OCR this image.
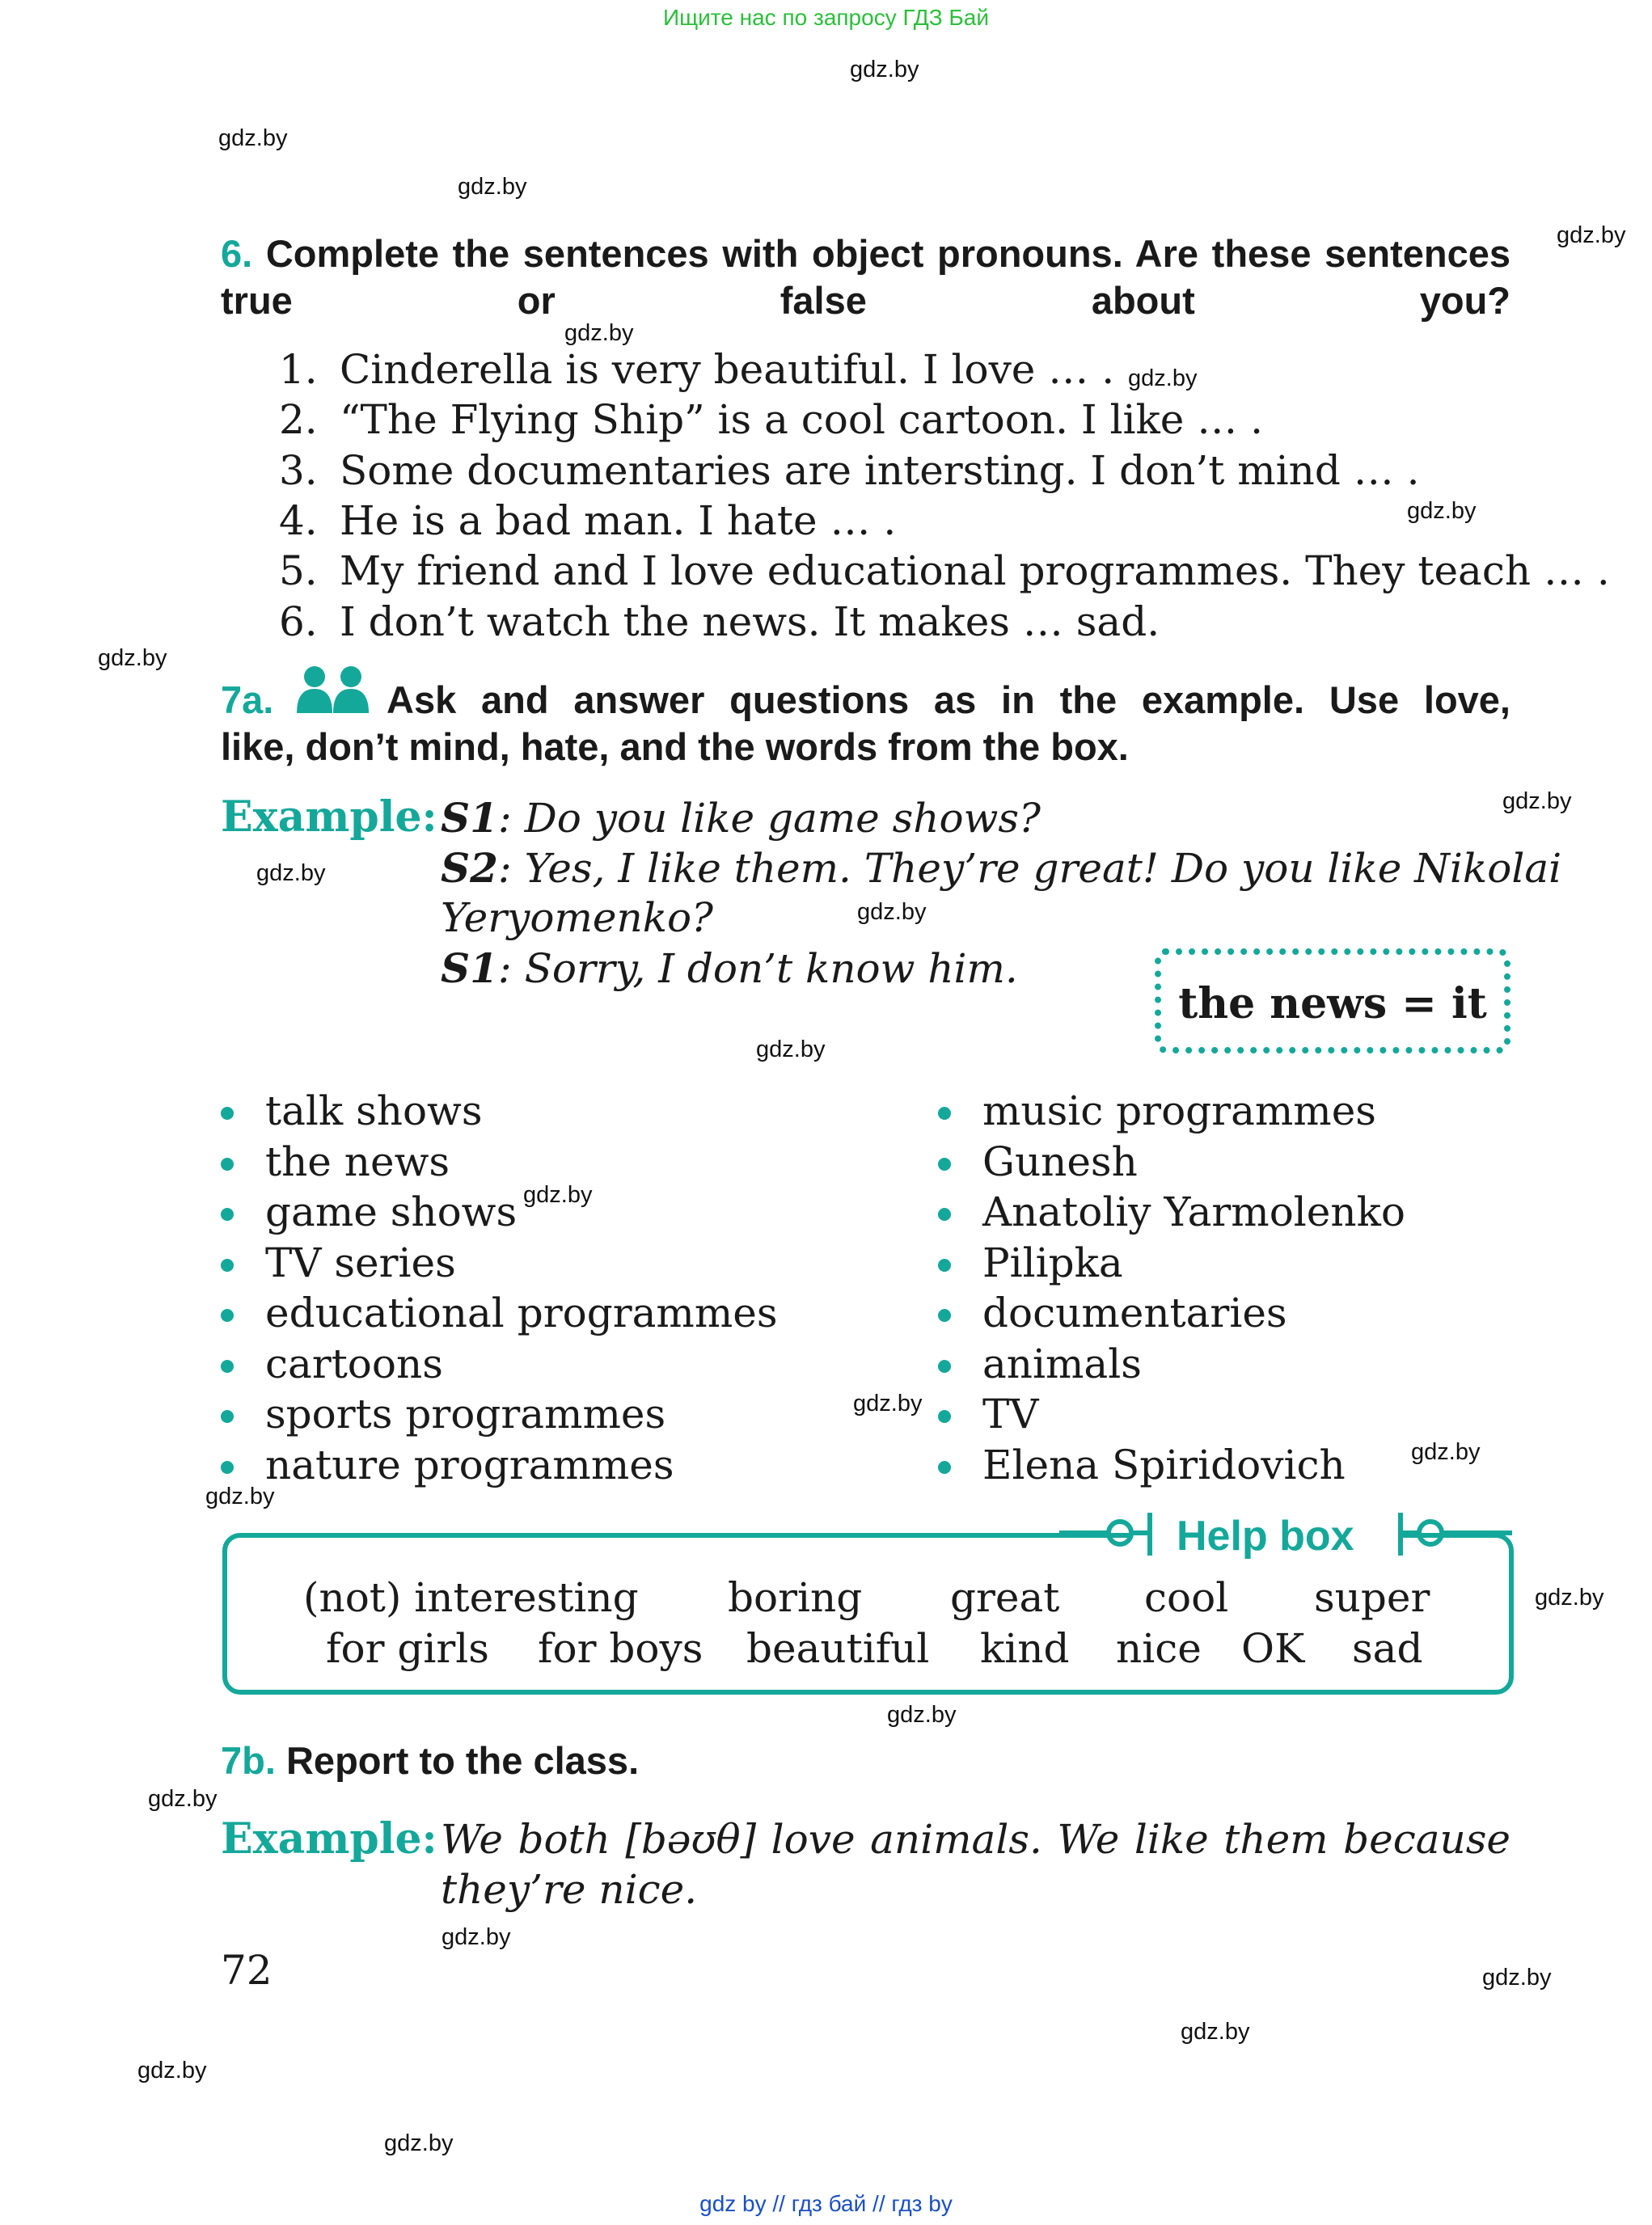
Ищите нас по запросу ГДЗ Бай
gdz by // гдз бай // гдз by
gdz.by
gdz.by
gdz.by
gdz.by
gdz.by
gdz.by
gdz.by
gdz.by
gdz.by
gdz.by
gdz.by
gdz.by
gdz.by
gdz.by
gdz.by
gdz.by
gdz.by
gdz.by
gdz.by
gdz.by
gdz.by
gdz.by
gdz.by
gdz.by
6. Complete the sentences with object pronouns. Are these sentences true or false about you?
1. Cinderella is very beautiful. I love … .
2. “The Flying Ship” is a cool cartoon. I like … .
3. Some documentaries are intersting. I don’t mind … .
4. He is a bad man. I hate … .
5. My friend and I love educational programmes. They teach … .
6. I don’t watch the news. It makes … sad.
7a.	Ask and answer questions as in the example. Use love,
like, don’t mind, hate, and the words from the box.
Example: S1: Do you like game shows?
S2: Yes, I like them. They’re great! Do you like Nikolai
Yeryomenko?
S1: Sorry, I don’t know him.
the news = it
talk shows
the news
game shows
TV series
educational programmes
cartoons
sports programmes
nature programmes
music programmes
Gunesh
Anatoliy Yarmolenko
Pilipka
documentaries
animals
TV
Elena Spiridovich
Help box
(not) interesting boring great cool super
for girls for boys beautiful kind nice OK sad
7b. Report to the class.
Example: We both [bəʊθ] love animals. We like them because
they’re nice.
72
